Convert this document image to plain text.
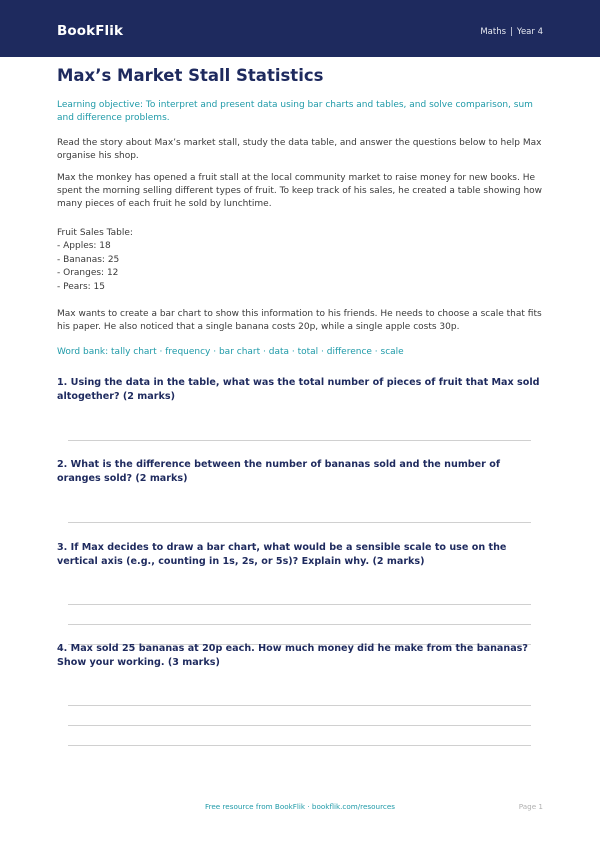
BookFlik	Maths | Year 4
Max’s Market Stall Statistics

Learning objective: To interpret and present data using bar charts and tables, and solve comparison, sum and difference problems.

Read the story about Max’s market stall, study the data table, and answer the questions below to help Max organise his shop.

Max the monkey has opened a fruit stall at the local community market to raise money for new books. He spent the morning selling different types of fruit. To keep track of his sales, he created a table showing how many pieces of each fruit he sold by lunchtime.

Fruit Sales Table:

- Apples: 18
- Bananas: 25
- Oranges: 12
- Pears: 15

Max wants to create a bar chart to show this information to his friends. He needs to choose a scale that fits his paper. He also noticed that a single banana costs 20p, while a single apple costs 30p.

Word bank: tally chart · frequency · bar chart · data · total · difference · scale

1. Using the data in the table, what was the total number of pieces of fruit that Max sold altogether? (2 marks)

2. What is the difference between the number of bananas sold and the number of oranges sold? (2 marks)

3. If Max decides to draw a bar chart, what would be a sensible scale to use on the vertical axis (e.g., counting in 1s, 2s, or 5s)? Explain why. (2 marks)

4. Max sold 25 bananas at 20p each. How much money did he make from the bananas? Show your working. (3 marks)

Free resource from BookFlik · bookflik.com/resources	Page 1
